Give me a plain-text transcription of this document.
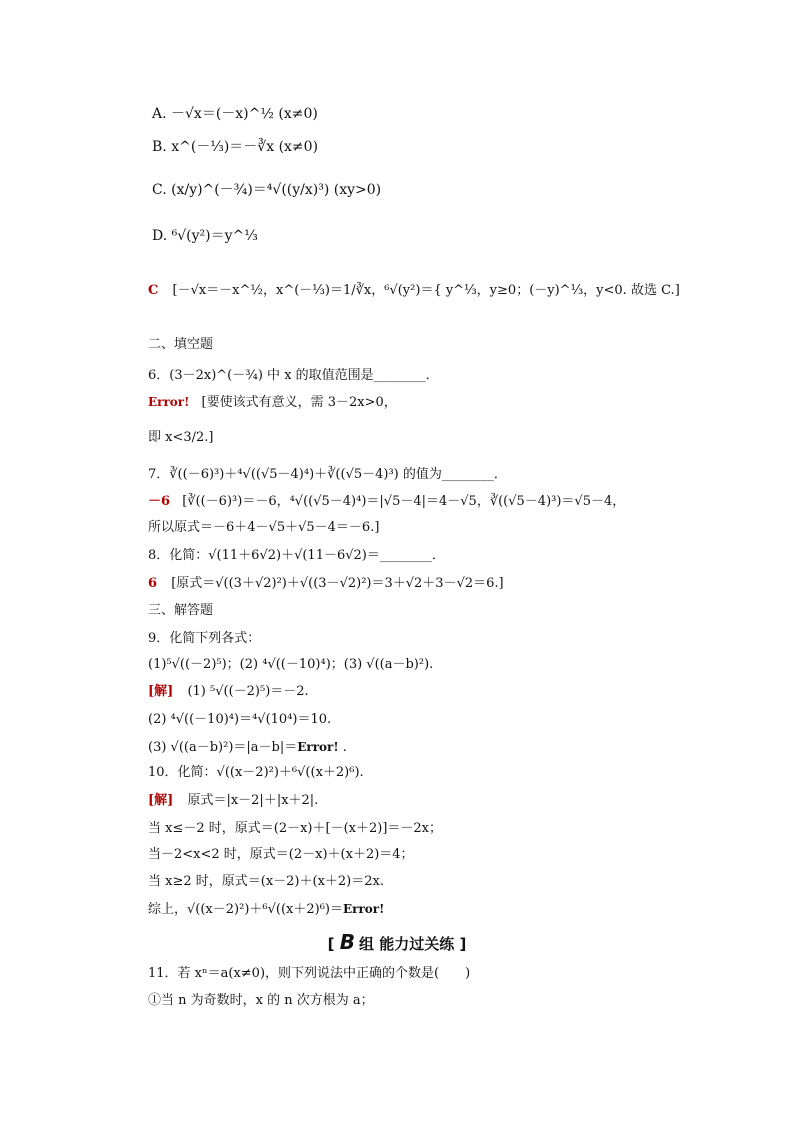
A. －√x＝(－x)^½ (x≠0)
B. x^(－⅓)＝－∛x (x≠0)
C. (x/y)^(－¾)＝⁴√((y/x)³) (xy>0)
D. ⁶√(y²)＝y^⅓
C [－√x＝－x^½，x^(－⅓)＝1/∛x，⁶√(y²)＝{ y^⅓，y≥0；(－y)^⅓，y<0. 故选 C.]
二、填空题
6．(3－2x)^(－¾) 中 x 的取值范围是________．
Error! [要使该式有意义，需 3－2x>0，
即 x<3/2.]
7．∛((－6)³)＋⁴√((√5－4)⁴)＋∛((√5－4)³) 的值为________．
－6 [∛((－6)³)＝－6，⁴√((√5－4)⁴)＝|√5－4|＝4－√5，∛((√5－4)³)＝√5－4，
所以原式＝－6＋4－√5＋√5－4＝－6.]
8．化简：√(11＋6√2)＋√(11－6√2)＝________．
6 [原式＝√((3＋√2)²)＋√((3－√2)²)＝3＋√2＋3－√2＝6.]
三、解答题
9．化简下列各式：
(1)⁵√((－2)⁵)；(2) ⁴√((－10)⁴)；(3) √((a－b)²).
[解] (1) ⁵√((－2)⁵)＝－2.
(2) ⁴√((－10)⁴)＝⁴√(10⁴)＝10.
(3) √((a－b)²)＝|a－b|＝Error! .
10．化简：√((x－2)²)＋⁶√((x＋2)⁶).
[解] 原式＝|x－2|＋|x＋2|.
当 x≤－2 时，原式＝(2－x)＋[－(x＋2)]＝－2x；
当－2<x<2 时，原式＝(2－x)＋(x＋2)＝4；
当 x≥2 时，原式＝(x－2)＋(x＋2)＝2x.
综上，√((x－2)²)＋⁶√((x＋2)⁶)＝Error!
[ B 组 能力过关练 ]
11．若 xⁿ＝a(x≠0)，则下列说法中正确的个数是(　　)
①当 n 为奇数时，x 的 n 次方根为 a；
